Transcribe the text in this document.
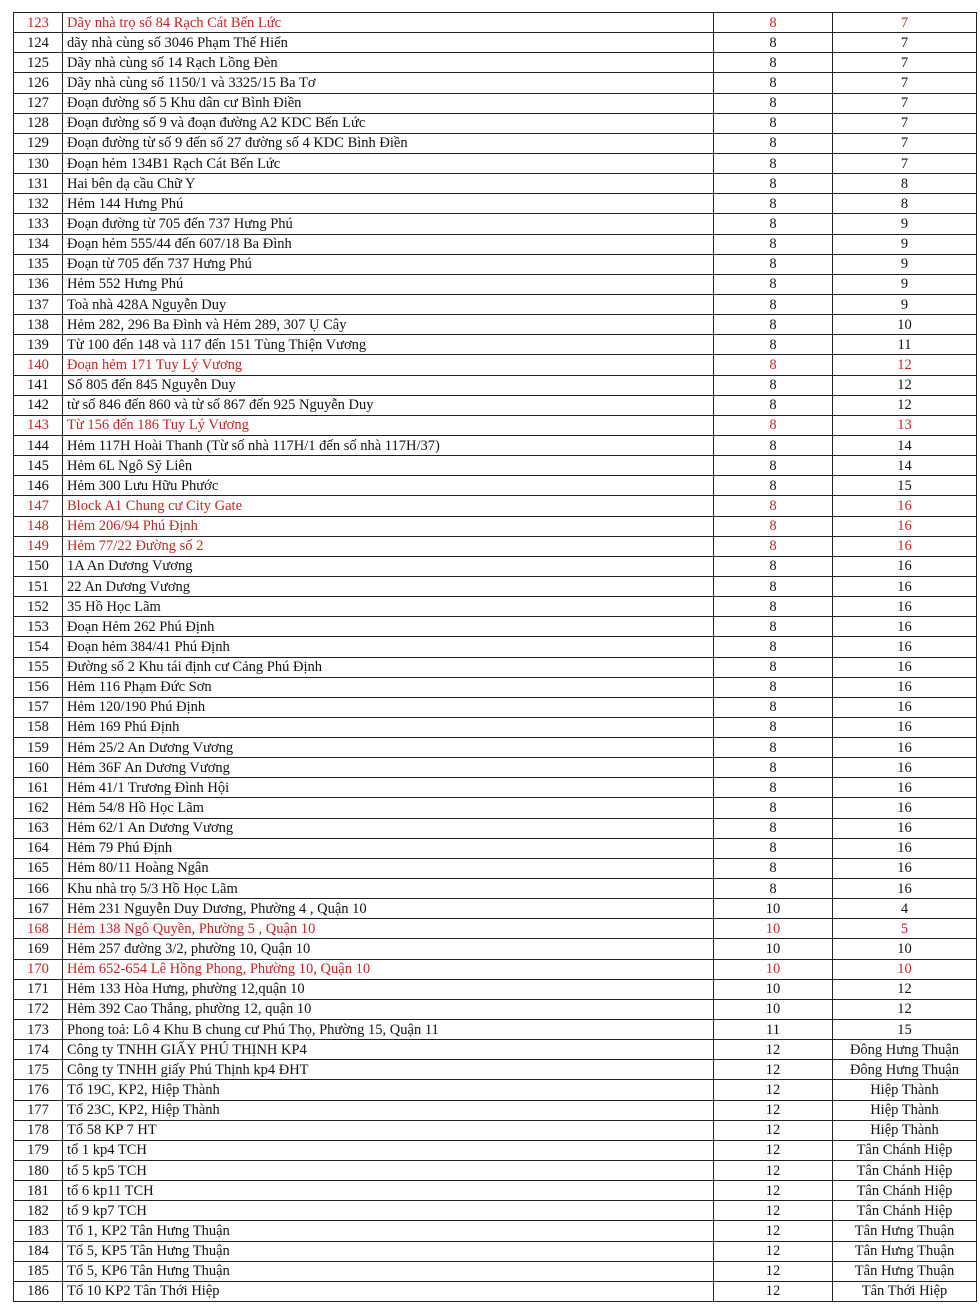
123	Dãy nhà trọ số 84 Rạch Cát Bến Lức	8	7
124	dãy nhà cùng số 3046 Phạm Thế Hiển	8	7
125	Dãy nhà cùng số 14 Rạch Lồng Đèn	8	7
126	Dãy nhà cùng số 1150/1 và 3325/15 Ba Tơ	8	7
127	Đoạn đường số 5 Khu dân cư Bình Điền	8	7
128	Đoạn đường số 9 và đoạn đường A2 KDC Bến Lức	8	7
129	Đoạn đường từ số 9 đến số 27 đường số 4 KDC Bình Điền	8	7
130	Đoạn hẻm 134B1 Rạch Cát Bến Lức	8	7
131	Hai bên dạ cầu Chữ Y	8	8
132	Hẻm 144 Hưng Phú	8	8
133	Đoạn đường từ 705 đến 737 Hưng Phú	8	9
134	Đoạn hẻm 555/44 đến 607/18 Ba Đình	8	9
135	Đoạn từ 705 đến 737 Hưng Phú	8	9
136	Hẻm 552 Hưng Phú	8	9
137	Toà nhà 428A Nguyễn Duy	8	9
138	Hẻm 282, 296 Ba Đình và Hẻm 289, 307 Ụ Cây	8	10
139	Từ 100 đến 148 và 117 đến 151 Tùng Thiện Vương	8	11
140	Đoạn hẻm 171 Tuy Lý Vương	8	12
141	Số 805 đến 845 Nguyễn Duy	8	12
142	từ số 846 đến 860 và từ số 867 đến 925 Nguyễn Duy	8	12
143	Từ 156 đến 186 Tuy Lý Vương	8	13
144	Hẻm 117H Hoài Thanh (Từ số nhà 117H/1 đến số nhà 117H/37)	8	14
145	Hẻm 6L Ngô Sỹ Liên	8	14
146	Hẻm 300 Lưu Hữu Phước	8	15
147	Block A1 Chung cư City Gate	8	16
148	Hẻm 206/94 Phú Định	8	16
149	Hẻm 77/22 Đường số 2	8	16
150	1A An Dương Vương	8	16
151	22 An Dương Vương	8	16
152	35 Hồ Học Lãm	8	16
153	Đoạn Hẻm 262 Phú Định	8	16
154	Đoạn hẻm 384/41 Phú Định	8	16
155	Đường số 2 Khu tái định cư Cảng Phú Định	8	16
156	Hẻm 116 Phạm Đức Sơn	8	16
157	Hẻm 120/190 Phú Định	8	16
158	Hẻm 169 Phú Định	8	16
159	Hẻm 25/2 An Dương Vương	8	16
160	Hẻm 36F An Dương Vương	8	16
161	Hẻm 41/1 Trương Đình Hội	8	16
162	Hẻm 54/8 Hồ Học Lãm	8	16
163	Hẻm 62/1 An Dương Vương	8	16
164	Hẻm 79 Phú Định	8	16
165	Hẻm 80/11 Hoàng Ngân	8	16
166	Khu nhà trọ 5/3 Hồ Học Lãm	8	16
167	Hẻm 231 Nguyễn Duy Dương, Phường 4 , Quận 10	10	4
168	Hẻm 138 Ngô Quyền, Phường 5 , Quận 10	10	5
169	Hẻm 257 đường 3/2, phường 10, Quận 10	10	10
170	Hẻm 652-654 Lê Hồng Phong, Phường 10, Quận 10	10	10
171	Hẻm 133 Hòa Hưng, phường 12,quận 10	10	12
172	Hẻm 392 Cao Thắng, phường 12, quận 10	10	12
173	Phong toả: Lô 4 Khu B chung cư Phú Thọ, Phường 15, Quận 11	11	15
174	Công ty TNHH GIẤY PHÚ THỊNH KP4	12	Đông Hưng Thuận
175	Công ty TNHH giấy Phú Thịnh kp4 ĐHT	12	Đông Hưng Thuận
176	Tổ 19C, KP2, Hiệp Thành	12	Hiệp Thành
177	Tổ 23C, KP2, Hiệp Thành	12	Hiệp Thành
178	Tổ 58 KP 7 HT	12	Hiệp Thành
179	tổ 1 kp4 TCH	12	Tân Chánh Hiệp
180	tổ 5 kp5 TCH	12	Tân Chánh Hiệp
181	tổ 6 kp11 TCH	12	Tân Chánh Hiệp
182	tổ 9 kp7 TCH	12	Tân Chánh Hiệp
183	Tổ 1, KP2 Tân Hưng Thuận	12	Tân Hưng Thuận
184	Tổ 5, KP5 Tân Hưng Thuận	12	Tân Hưng Thuận
185	Tổ 5, KP6 Tân Hưng Thuận	12	Tân Hưng Thuận
186	Tổ 10 KP2 Tân Thới Hiệp	12	Tân Thới Hiệp
